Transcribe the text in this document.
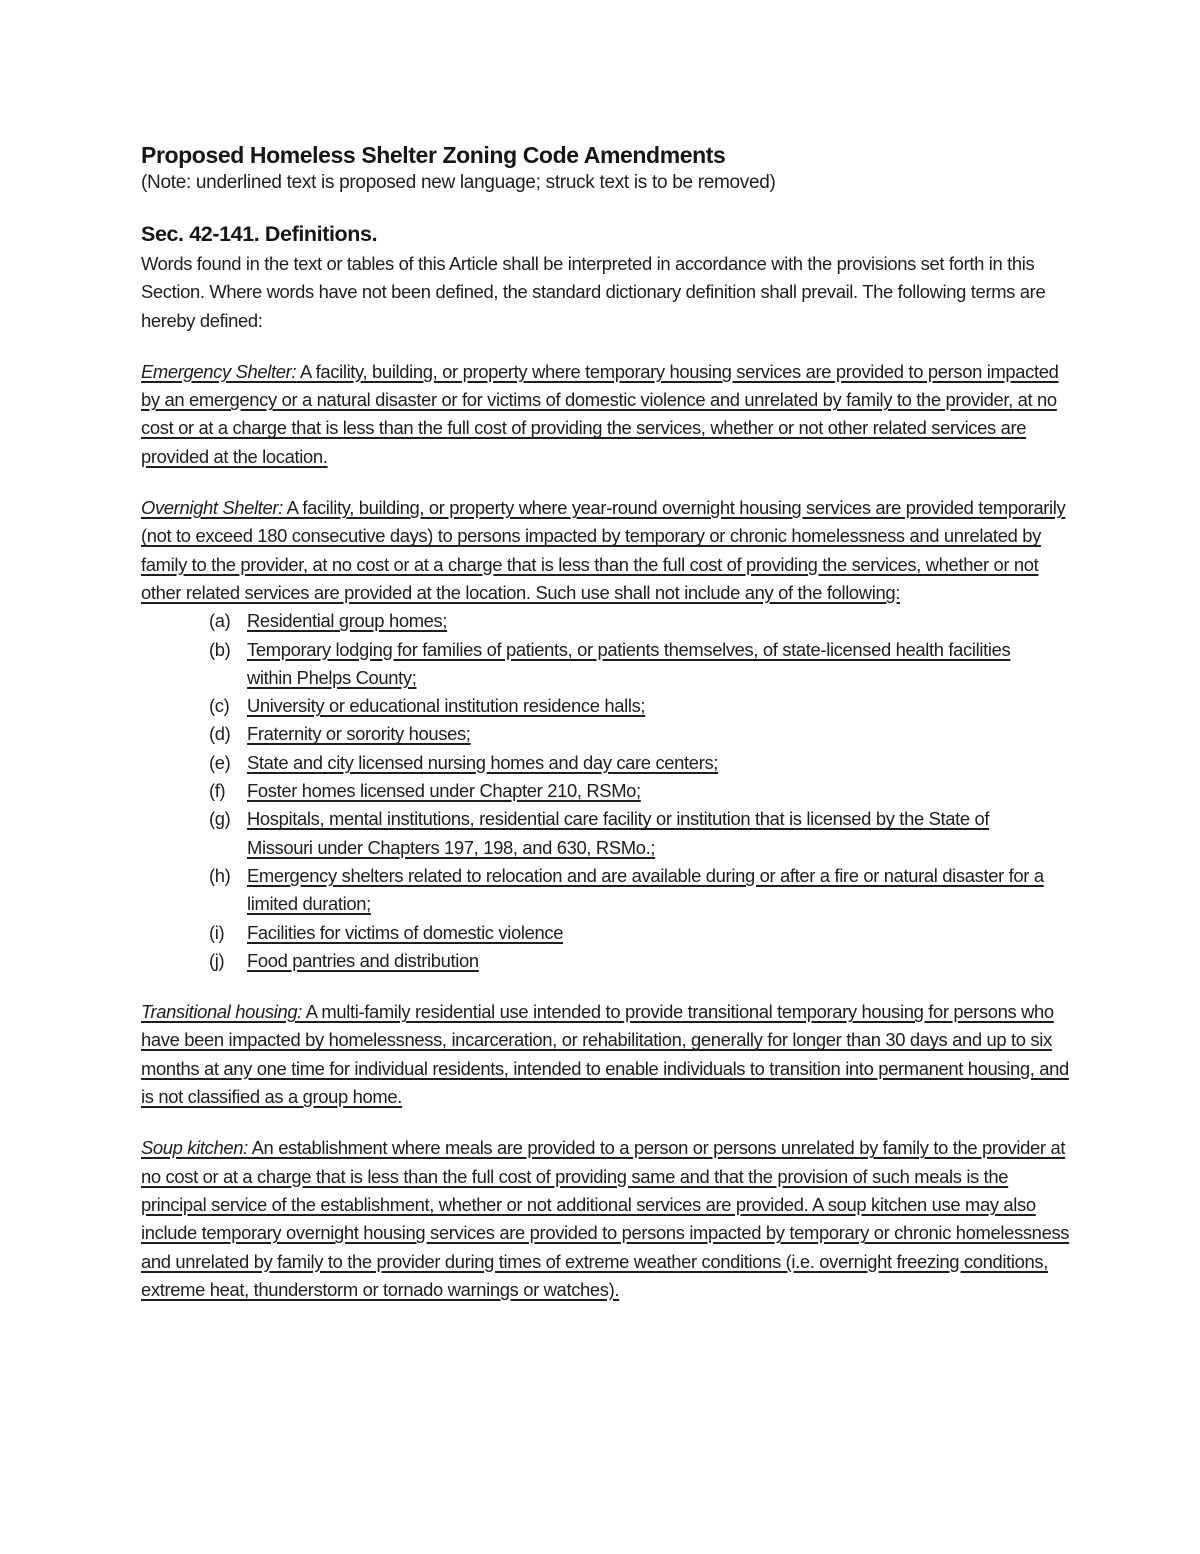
Proposed Homeless Shelter Zoning Code Amendments

(Note: underlined text is proposed new language; struck text is to be removed)

Sec. 42-141. Definitions.

Words found in the text or tables of this Article shall be interpreted in accordance with the provisions set forth in this Section. Where words have not been defined, the standard dictionary definition shall prevail. The following terms are hereby defined:

Emergency Shelter: A facility, building, or property where temporary housing services are provided to person impacted by an emergency or a natural disaster or for victims of domestic violence and unrelated by family to the provider, at no cost or at a charge that is less than the full cost of providing the services, whether or not other related services are provided at the location.

Overnight Shelter: A facility, building, or property where year-round overnight housing services are provided temporarily (not to exceed 180 consecutive days) to persons impacted by temporary or chronic homelessness and unrelated by family to the provider, at no cost or at a charge that is less than the full cost of providing the services, whether or not other related services are provided at the location. Such use shall not include any of the following:

(a) Residential group homes;
(b) Temporary lodging for families of patients, or patients themselves, of state-licensed health facilities within Phelps County;
(c) University or educational institution residence halls;
(d) Fraternity or sorority houses;
(e) State and city licensed nursing homes and day care centers;
(f)	Foster homes licensed under Chapter 210, RSMo;
(g) Hospitals, mental institutions, residential care facility or institution that is licensed by the State of Missouri under Chapters 197, 198, and 630, RSMo.;
(h) Emergency shelters related to relocation and are available during or after a fire or natural disaster for a limited duration;
(i)	Facilities for victims of domestic violence
(j)	Food pantries and distribution

Transitional housing: A multi-family residential use intended to provide transitional temporary housing for persons who have been impacted by homelessness, incarceration, or rehabilitation, generally for longer than 30 days and up to six months at any one time for individual residents, intended to enable individuals to transition into permanent housing, and is not classified as a group home.

Soup kitchen: An establishment where meals are provided to a person or persons unrelated by family to the provider at no cost or at a charge that is less than the full cost of providing same and that the provision of such meals is the principal service of the establishment, whether or not additional services are provided. A soup kitchen use may also include temporary overnight housing services are provided to persons impacted by temporary or chronic homelessness and unrelated by family to the provider during times of extreme weather conditions (i.e. overnight freezing conditions, extreme heat, thunderstorm or tornado warnings or watches).
